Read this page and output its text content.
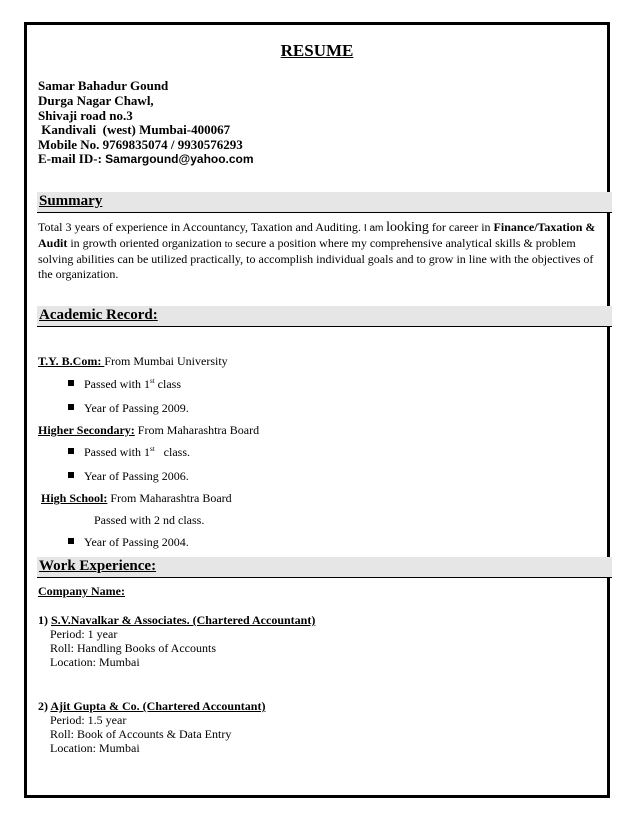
RESUME
Samar Bahadur Gound
Durga Nagar Chawl,
Shivaji road no.3
Kandivali  (west) Mumbai-400067
Mobile No. 9769835074 / 9930576293
E-mail ID-: Samargound@yahoo.com
Summary
Total 3 years of experience in Accountancy, Taxation and Auditing. I am looking for career in Finance/Taxation & Audit in growth oriented organization to secure a position where my comprehensive analytical skills & problem solving abilities can be utilized practically, to accomplish individual goals and to grow in line with the objectives of the organization.
Academic Record:
T.Y. B.Com: From Mumbai University
Passed with 1st class
Year of Passing 2009.
Higher Secondary: From Maharashtra Board
Passed with 1st   class.
Year of Passing 2006.
High School: From Maharashtra Board
Passed with 2 nd class.
Year of Passing 2004.
Work Experience:
Company Name:
1) S.V.Navalkar & Associates. (Chartered Accountant)
Period: 1 year
Roll: Handling Books of Accounts
Location: Mumbai
2) Ajit Gupta & Co. (Chartered Accountant)
Period: 1.5 year
Roll: Book of Accounts & Data Entry
Location: Mumbai
